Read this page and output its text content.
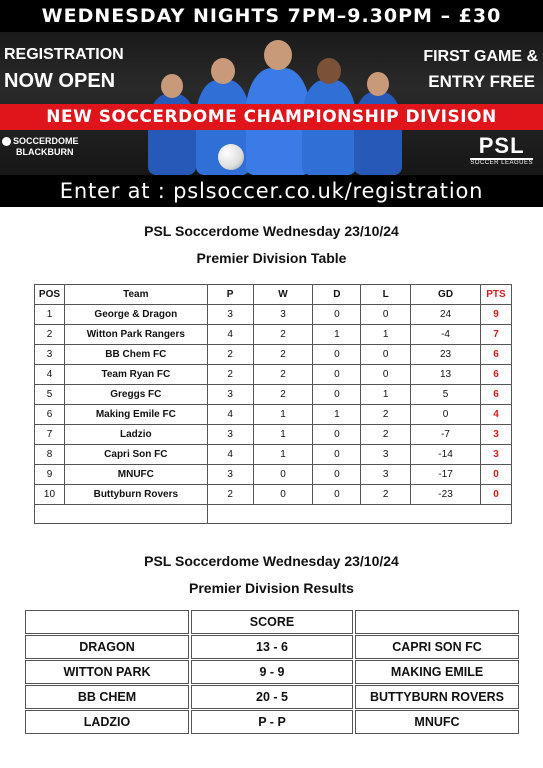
WEDNESDAY NIGHTS 7PM–9.30PM – £30
REGISTRATION
NOW OPEN
FIRST GAME &
ENTRY FREE
NEW SOCCERDOME CHAMPIONSHIP DIVISION
SOCCERDOME
BLACKBURN	PSL
SOCCER LEAGUES
Enter at : pslsoccer.co.uk/registration
PSL Soccerdome Wednesday 23/10/24
Premier Division Table
POS	Team	P	W	D	L	GD	PTS
1	George & Dragon	3	3	0	0	24	9
2	Witton Park Rangers	4	2	1	1	-4	7
3	BB Chem FC	2	2	0	0	23	6
4	Team Ryan FC	2	2	0	0	13	6
5	Greggs FC	3	2	0	1	5	6
6	Making Emile FC	4	1	1	2	0	4
7	Ladzio	3	1	0	2	-7	3
8	Capri Son FC	4	1	0	3	-14	3
9	MNUFC	3	0	0	3	-17	0
10	Buttyburn Rovers	2	0	0	2	-23	0

PSL Soccerdome Wednesday 23/10/24
Premier Division Results
SCORE
DRAGON	13 - 6	CAPRI SON FC
WITTON PARK	9 - 9	MAKING EMILE
BB CHEM	20 - 5	BUTTYBURN ROVERS
LADZIO	P - P	MNUFC
